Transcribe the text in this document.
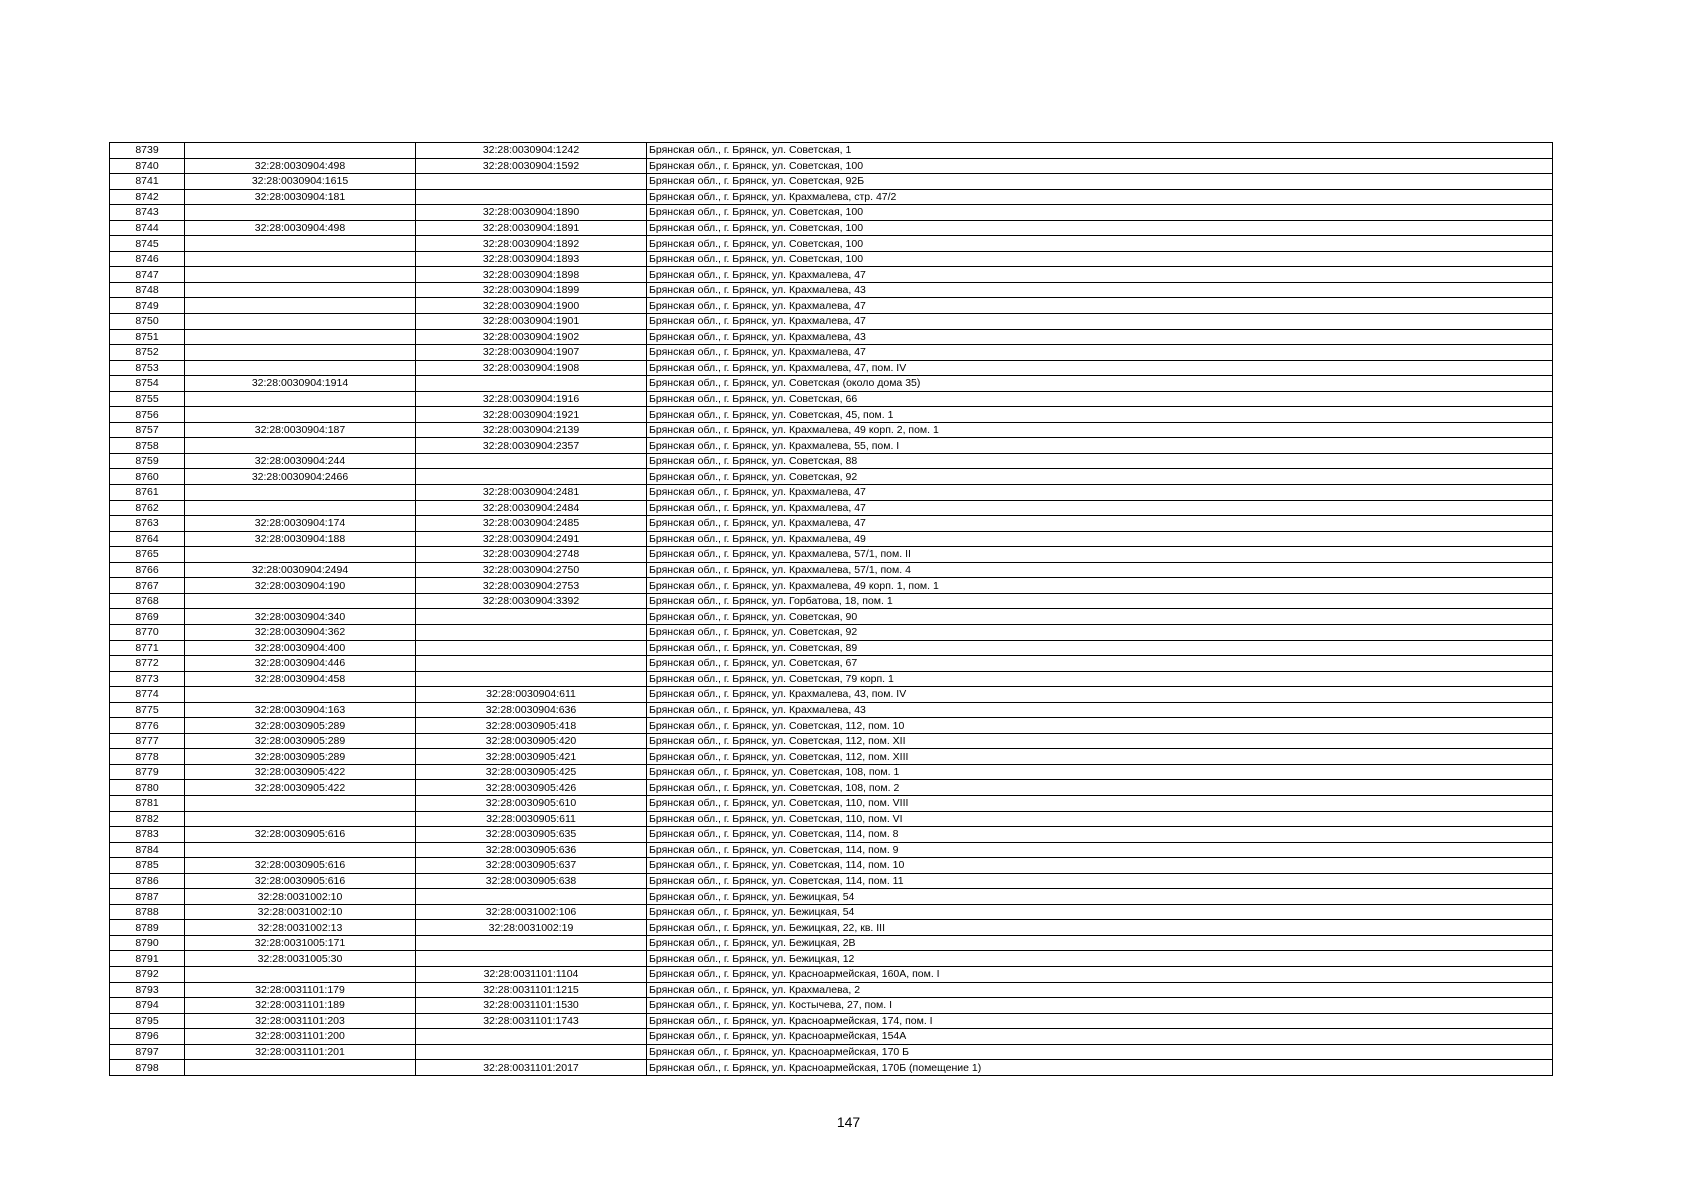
8739		32:28:0030904:1242	Брянская обл., г. Брянск, ул. Советская, 1
8740	32:28:0030904:498	32:28:0030904:1592	Брянская обл., г. Брянск, ул. Советская, 100
8741	32:28:0030904:1615		Брянская обл., г. Брянск, ул. Советская, 92Б
8742	32:28:0030904:181		Брянская обл., г. Брянск, ул. Крахмалева, стр. 47/2
8743		32:28:0030904:1890	Брянская обл., г. Брянск, ул. Советская, 100
8744	32:28:0030904:498	32:28:0030904:1891	Брянская обл., г. Брянск, ул. Советская, 100
8745		32:28:0030904:1892	Брянская обл., г. Брянск, ул. Советская, 100
8746		32:28:0030904:1893	Брянская обл., г. Брянск, ул. Советская, 100
8747		32:28:0030904:1898	Брянская обл., г. Брянск, ул. Крахмалева, 47
8748		32:28:0030904:1899	Брянская обл., г. Брянск, ул. Крахмалева, 43
8749		32:28:0030904:1900	Брянская обл., г. Брянск, ул. Крахмалева, 47
8750		32:28:0030904:1901	Брянская обл., г. Брянск, ул. Крахмалева, 47
8751		32:28:0030904:1902	Брянская обл., г. Брянск, ул. Крахмалева, 43
8752		32:28:0030904:1907	Брянская обл., г. Брянск, ул. Крахмалева, 47
8753		32:28:0030904:1908	Брянская обл., г. Брянск, ул. Крахмалева, 47, пом. IV
8754	32:28:0030904:1914		Брянская обл., г. Брянск, ул. Советская (около дома 35)
8755		32:28:0030904:1916	Брянская обл., г. Брянск, ул. Советская, 66
8756		32:28:0030904:1921	Брянская обл., г. Брянск, ул. Советская, 45, пом. 1
8757	32:28:0030904:187	32:28:0030904:2139	Брянская обл., г. Брянск, ул. Крахмалева, 49 корп. 2, пом. 1
8758		32:28:0030904:2357	Брянская обл., г. Брянск, ул. Крахмалева, 55, пом. I
8759	32:28:0030904:244		Брянская обл., г. Брянск, ул. Советская, 88
8760	32:28:0030904:2466		Брянская обл., г. Брянск, ул. Советская, 92
8761		32:28:0030904:2481	Брянская обл., г. Брянск, ул. Крахмалева, 47
8762		32:28:0030904:2484	Брянская обл., г. Брянск, ул. Крахмалева, 47
8763	32:28:0030904:174	32:28:0030904:2485	Брянская обл., г. Брянск, ул. Крахмалева, 47
8764	32:28:0030904:188	32:28:0030904:2491	Брянская обл., г. Брянск, ул. Крахмалева, 49
8765		32:28:0030904:2748	Брянская обл., г. Брянск, ул. Крахмалева, 57/1, пом. II
8766	32:28:0030904:2494	32:28:0030904:2750	Брянская обл., г. Брянск, ул. Крахмалева, 57/1, пом. 4
8767	32:28:0030904:190	32:28:0030904:2753	Брянская обл., г. Брянск, ул. Крахмалева, 49 корп. 1, пом. 1
8768		32:28:0030904:3392	Брянская обл., г. Брянск, ул. Горбатова, 18, пом. 1
8769	32:28:0030904:340		Брянская обл., г. Брянск, ул. Советская, 90
8770	32:28:0030904:362		Брянская обл., г. Брянск, ул. Советская, 92
8771	32:28:0030904:400		Брянская обл., г. Брянск, ул. Советская, 89
8772	32:28:0030904:446		Брянская обл., г. Брянск, ул. Советская, 67
8773	32:28:0030904:458		Брянская обл., г. Брянск, ул. Советская, 79 корп. 1
8774		32:28:0030904:611	Брянская обл., г. Брянск, ул. Крахмалева, 43, пом. IV
8775	32:28:0030904:163	32:28:0030904:636	Брянская обл., г. Брянск, ул. Крахмалева, 43
8776	32:28:0030905:289	32:28:0030905:418	Брянская обл., г. Брянск, ул. Советская, 112, пом. 10
8777	32:28:0030905:289	32:28:0030905:420	Брянская обл., г. Брянск, ул. Советская, 112, пом. XII
8778	32:28:0030905:289	32:28:0030905:421	Брянская обл., г. Брянск, ул. Советская, 112, пом. XIII
8779	32:28:0030905:422	32:28:0030905:425	Брянская обл., г. Брянск, ул. Советская, 108, пом. 1
8780	32:28:0030905:422	32:28:0030905:426	Брянская обл., г. Брянск, ул. Советская, 108, пом. 2
8781		32:28:0030905:610	Брянская обл., г. Брянск, ул. Советская, 110, пом. VIII
8782		32:28:0030905:611	Брянская обл., г. Брянск, ул. Советская, 110, пом. VI
8783	32:28:0030905:616	32:28:0030905:635	Брянская обл., г. Брянск, ул. Советская, 114, пом. 8
8784		32:28:0030905:636	Брянская обл., г. Брянск, ул. Советская, 114, пом. 9
8785	32:28:0030905:616	32:28:0030905:637	Брянская обл., г. Брянск, ул. Советская, 114, пом. 10
8786	32:28:0030905:616	32:28:0030905:638	Брянская обл., г. Брянск, ул. Советская, 114, пом. 11
8787	32:28:0031002:10		Брянская обл., г. Брянск, ул. Бежицкая, 54
8788	32:28:0031002:10	32:28:0031002:106	Брянская обл., г. Брянск, ул. Бежицкая, 54
8789	32:28:0031002:13	32:28:0031002:19	Брянская обл., г. Брянск, ул. Бежицкая, 22, кв. III
8790	32:28:0031005:171		Брянская обл., г. Брянск, ул. Бежицкая, 2В
8791	32:28:0031005:30		Брянская обл., г. Брянск, ул. Бежицкая, 12
8792		32:28:0031101:1104	Брянская обл., г. Брянск, ул. Красноармейская, 160А, пом. I
8793	32:28:0031101:179	32:28:0031101:1215	Брянская обл., г. Брянск, ул. Крахмалева, 2
8794	32:28:0031101:189	32:28:0031101:1530	Брянская обл., г. Брянск, ул. Костычева, 27, пом. I
8795	32:28:0031101:203	32:28:0031101:1743	Брянская обл., г. Брянск, ул. Красноармейская, 174, пом. I
8796	32:28:0031101:200		Брянская обл., г. Брянск, ул. Красноармейская, 154А
8797	32:28:0031101:201		Брянская обл., г. Брянск, ул. Красноармейская, 170 Б
8798		32:28:0031101:2017	Брянская обл., г. Брянск, ул. Красноармейская, 170Б (помещение 1)
147
